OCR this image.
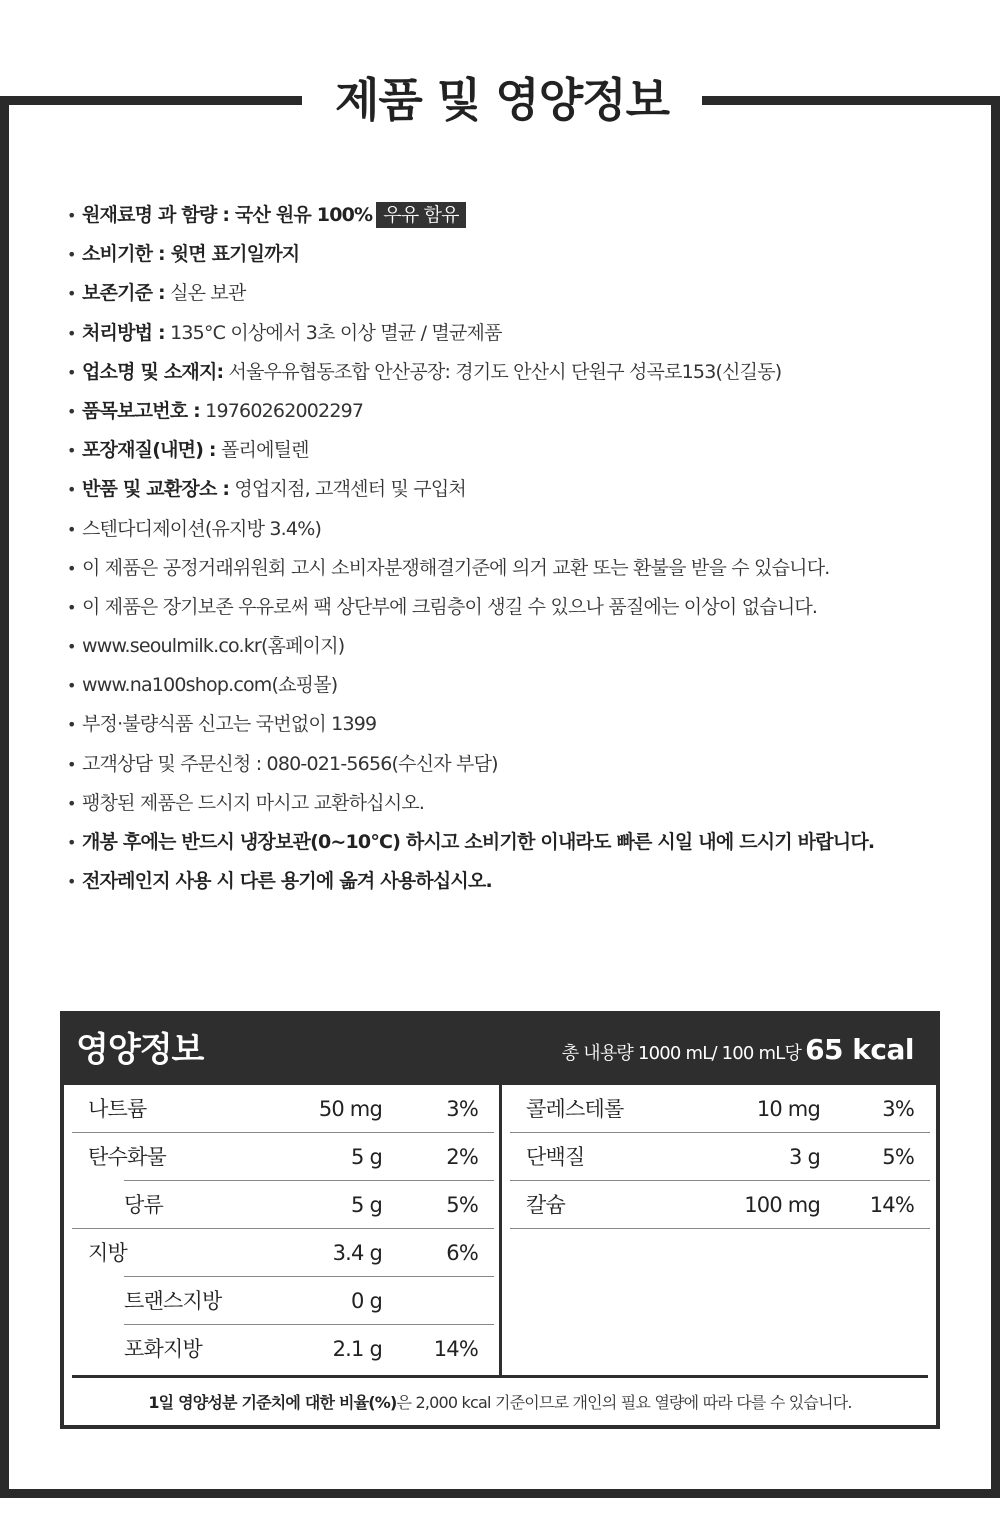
제품 및 영양정보
• 원재료명 과 함량 : 국산 원유 100% 우유 함유
• 소비기한 : 윗면 표기일까지
• 보존기준 : 실온 보관
• 처리방법 : 135°C 이상에서 3초 이상 멸균 / 멸균제품
• 업소명 및 소재지: 서울우유협동조합 안산공장: 경기도 안산시 단원구 성곡로153(신길동)
• 품목보고번호 : 19760262002297
• 포장재질(내면) : 폴리에틸렌
• 반품 및 교환장소 : 영업지점, 고객센터 및 구입처
• 스텐다디제이션(유지방 3.4%)
• 이 제품은 공정거래위원회 고시 소비자분쟁해결기준에 의거 교환 또는 환불을 받을 수 있습니다.
• 이 제품은 장기보존 우유로써 팩 상단부에 크림층이 생길 수 있으나 품질에는 이상이 없습니다.
• www.seoulmilk.co.kr(홈페이지)
• www.na100shop.com(쇼핑몰)
• 부정·불량식품 신고는 국번없이 1399
• 고객상담 및 주문신청 : 080-021-5656(수신자 부담)
• 팽창된 제품은 드시지 마시고 교환하십시오.
• 개봉 후에는 반드시 냉장보관(0~10°C) 하시고 소비기한 이내라도 빠른 시일 내에 드시기 바랍니다.
• 전자레인지 사용 시 다른 용기에 옮겨 사용하십시오.
영양정보	총 내용량 1000 mL/ 100 mL당 65 kcal
나트륨	50 mg	3%
탄수화물	5 g	2%
당류	5 g	5%
지방	3.4 g	6%
트랜스지방	0 g
포화지방	2.1 g 14%
콜레스테롤	10 mg	3%
단백질	3 g	5%
칼슘	100 mg 14%
1일 영양성분 기준치에 대한 비율(%)은 2,000 kcal 기준이므로 개인의 필요 열량에 따라 다를 수 있습니다.
